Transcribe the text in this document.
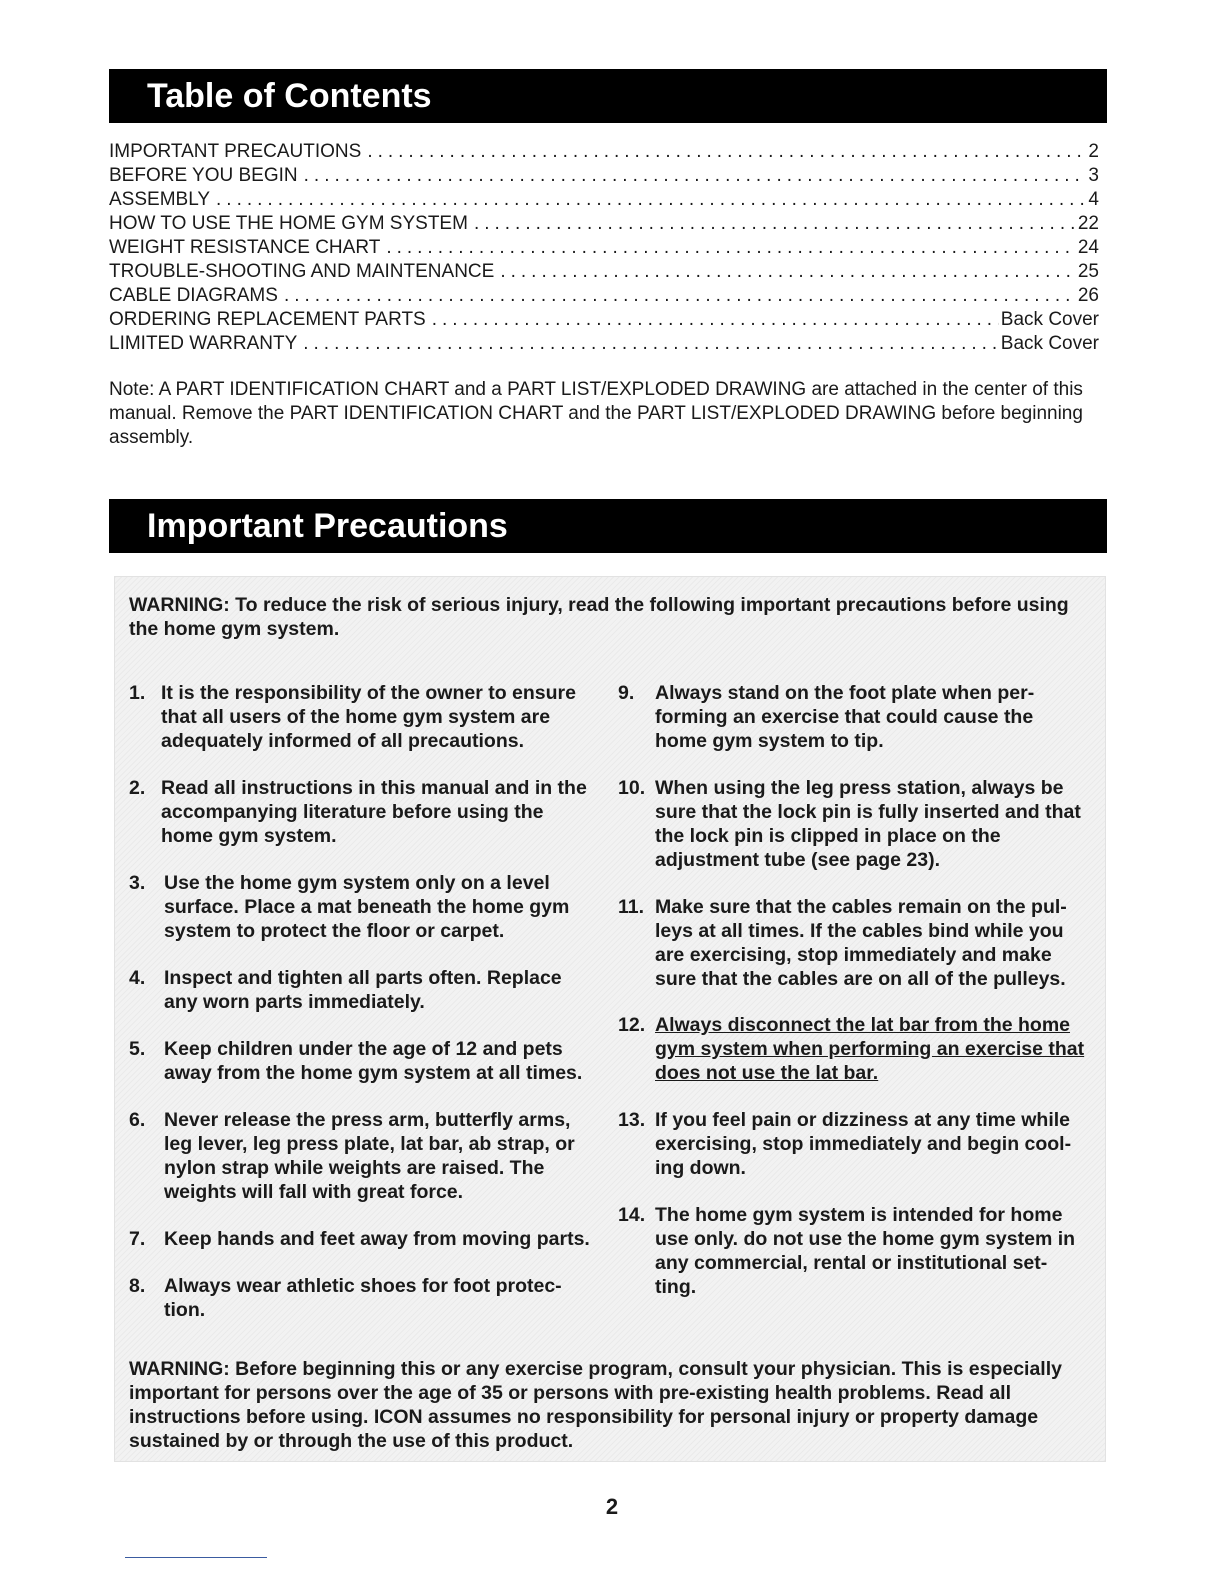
Table of Contents
IMPORTANT PRECAUTIONS .....	2
BEFORE YOU BEGIN .....	3
ASSEMBLY .....	4
HOW TO USE THE HOME GYM SYSTEM .....	22
WEIGHT RESISTANCE CHART .....	24
TROUBLE-SHOOTING AND MAINTENANCE .....	25
CABLE DIAGRAMS .....	26
ORDERING REPLACEMENT PARTS .....	Back Cover
LIMITED WARRANTY .....	Back Cover
Note: A PART IDENTIFICATION CHART and a PART LIST/EXPLODED DRAWING are attached in the center of this manual. Remove the PART IDENTIFICATION CHART and the PART LIST/EXPLODED DRAWING before beginning assembly.
Important Precautions
WARNING: To reduce the risk of serious injury, read the following important precautions before using the home gym system.
1. It is the responsibility of the owner to ensure that all users of the home gym system are adequately informed of all precautions.
2. Read all instructions in this manual and in the accompanying literature before using the home gym system.
3. Use the home gym system only on a level surface. Place a mat beneath the home gym system to protect the floor or carpet.
4. Inspect and tighten all parts often. Replace any worn parts immediately.
5. Keep children under the age of 12 and pets away from the home gym system at all times.
6. Never release the press arm, butterfly arms, leg lever, leg press plate, lat bar, ab strap, or nylon strap while weights are raised. The weights will fall with great force.
7. Keep hands and feet away from moving parts.
8. Always wear athletic shoes for foot protec- tion.
9. Always stand on the foot plate when per- forming an exercise that could cause the home gym system to tip.
10. When using the leg press station, always be sure that the lock pin is fully inserted and that the lock pin is clipped in place on the adjustment tube (see page 23).
11. Make sure that the cables remain on the pul- leys at all times. If the cables bind while you are exercising, stop immediately and make sure that the cables are on all of the pulleys.
12. Always disconnect the lat bar from the home gym system when performing an exercise that does not use the lat bar.
13. If you feel pain or dizziness at any time while exercising, stop immediately and begin cool- ing down.
14. The home gym system is intended for home use only. do not use the home gym system in any commercial, rental or institutional set- ting.
WARNING: Before beginning this or any exercise program, consult your physician. This is especially important for persons over the age of 35 or persons with pre-existing health problems. Read all instructions before using. ICON assumes no responsibility for personal injury or property damage sustained by or through the use of this product.
2
